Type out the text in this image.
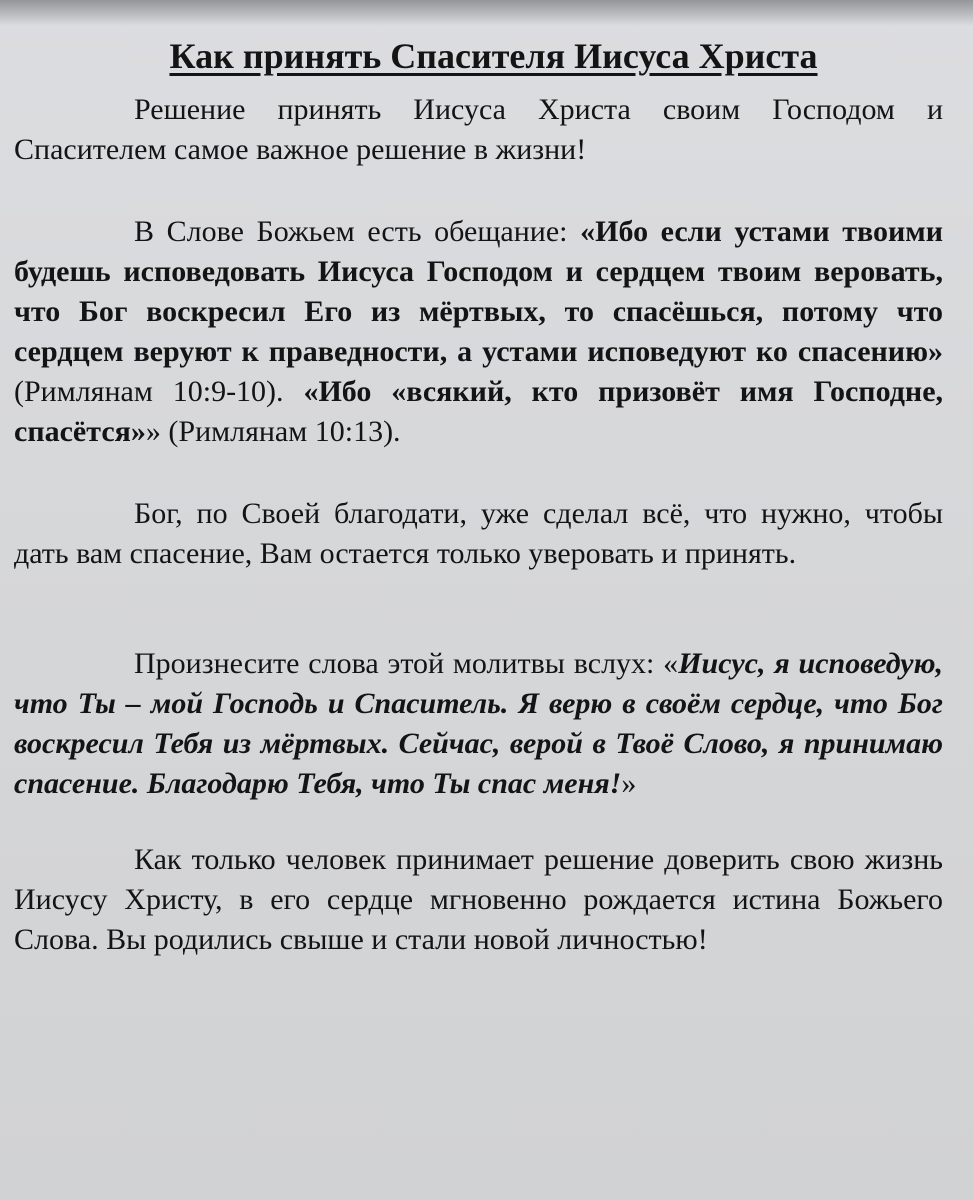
Как принять Спасителя Иисуса Христа

Решение принять Иисуса Христа своим Господом и Спасителем самое важное решение в жизни!

В Слове Божьем есть обещание: «Ибо если устами твоими будешь исповедовать Иисуса Господом и сердцем твоим веровать, что Бог воскресил Его из мёртвых, то спасёшься, потому что сердцем веруют к праведности, а устами исповедуют ко спасению» (Римлянам 10:9-10). «Ибо «всякий, кто призовёт имя Господне, спасётся»» (Римлянам 10:13).

Бог, по Своей благодати, уже сделал всё, что нужно, чтобы дать вам спасение, Вам остается только уверовать и принять.

Произнесите слова этой молитвы вслух: «Иисус, я исповедую, что Ты – мой Господь и Спаситель. Я верю в своём сердце, что Бог воскресил Тебя из мёртвых. Сейчас, верой в Твоё Слово, я принимаю спасение. Благодарю Тебя, что Ты спас меня!»

Как только человек принимает решение доверить свою жизнь Иисусу Христу, в его сердце мгновенно рождается истина Божьего Слова. Вы родились свыше и стали новой личностью!
